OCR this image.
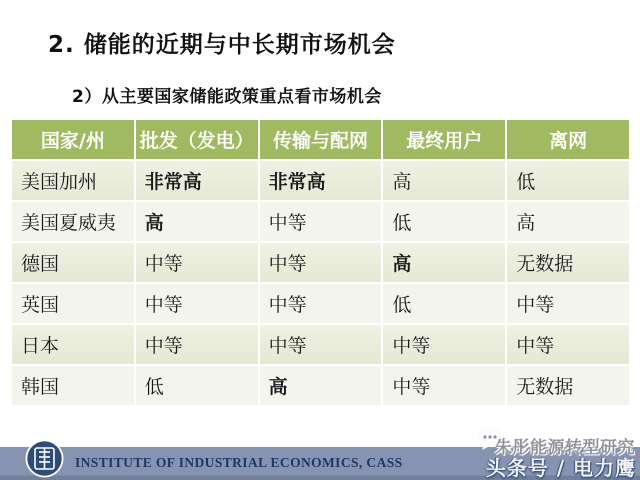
2. 储能的近期与中长期市场机会
2）从主要国家储能政策重点看市场机会
国家/州	批发（发电）	传输与配网	最终用户	离网
美国加州	非常高	非常高	高	低
美国夏威夷	高	中等	低	高
德国	中等	中等	高	无数据
英国	中等	中等	低	中等
日本	中等	中等	中等	中等
韩国	低	高	中等	无数据
INSTITUTE OF INDUSTRIAL ECONOMICS, CASS
朱彤能源转型研究
头条号 / 电力鹰
